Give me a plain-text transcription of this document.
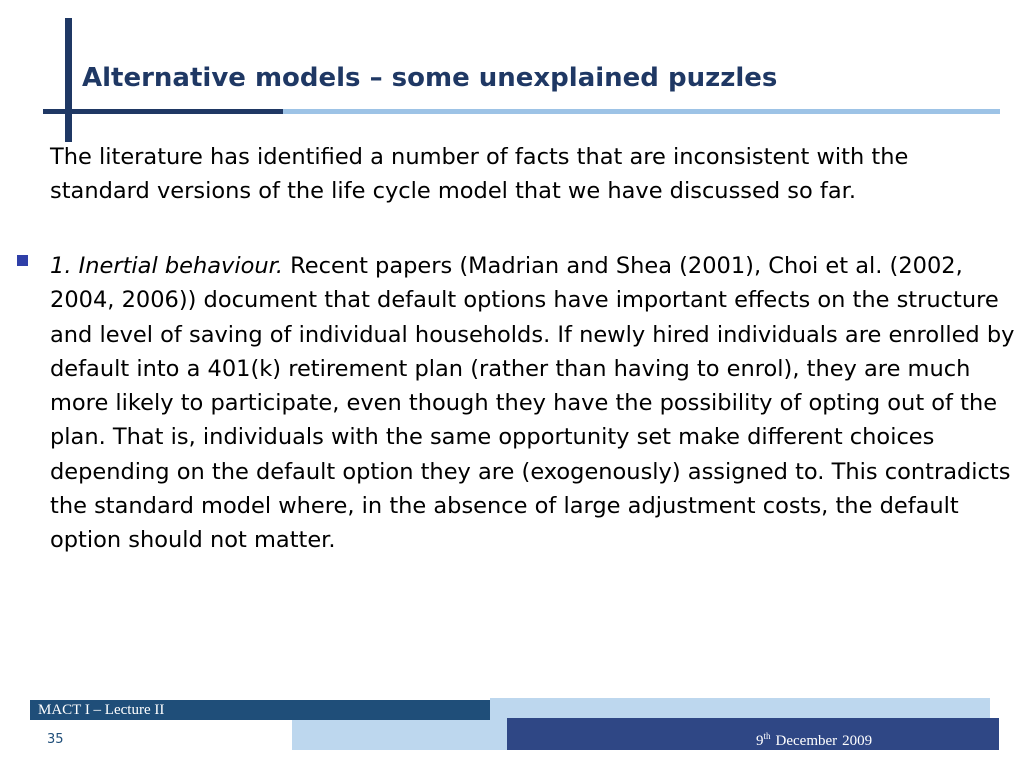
Alternative models – some unexplained puzzles
The literature has identified a number of facts that are inconsistent with the standard versions of the life cycle model that we have discussed so far.
1. Inertial behaviour. Recent papers (Madrian and Shea (2001), Choi et al. (2002, 2004, 2006)) document that default options have important effects on the structure and level of saving of individual households. If newly hired individuals are enrolled by default into a 401(k) retirement plan (rather than having to enrol), they are much more likely to participate, even though they have the possibility of opting out of the plan. That is, individuals with the same opportunity set make different choices depending on the default option they are (exogenously) assigned to. This contradicts the standard model where, in the absence of large adjustment costs, the default option should not matter.
MACT I – Lecture II
35	9th December 2009
